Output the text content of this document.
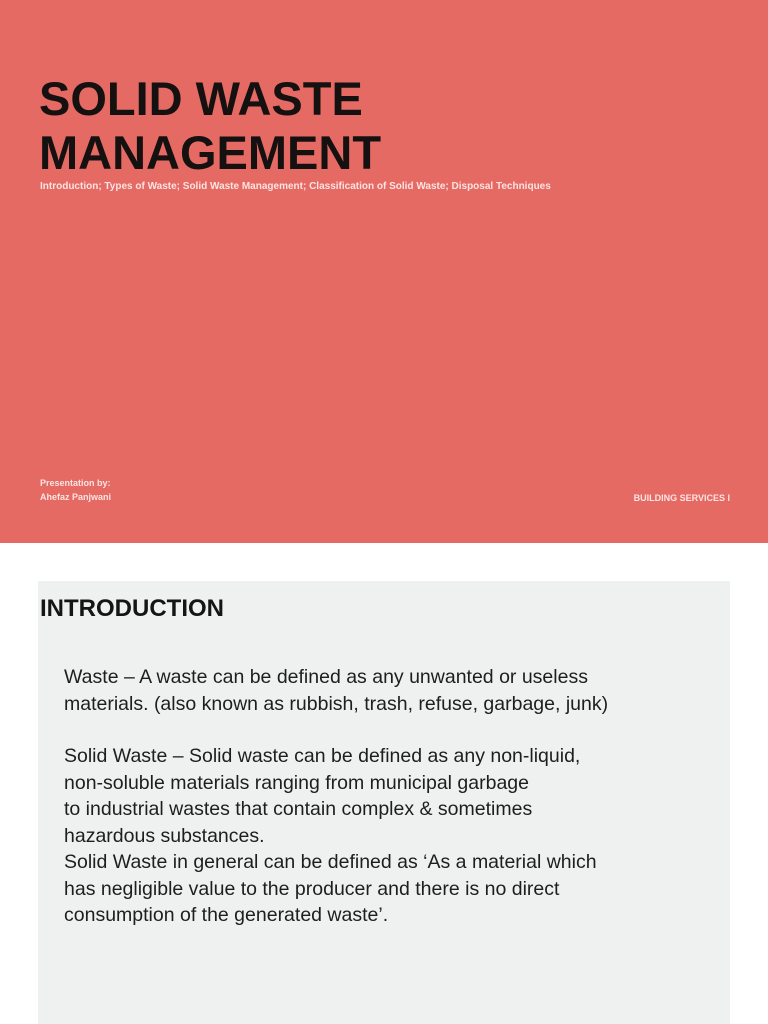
SOLID WASTE
MANAGEMENT
Introduction; Types of Waste; Solid Waste Management; Classification of Solid Waste; Disposal Techniques
Presentation by:
Ahefaz Panjwani	BUILDING SERVICES I
INTRODUCTION

Waste – A waste can be defined as any unwanted or useless
materials. (also known as rubbish, trash, refuse, garbage, junk)

Solid Waste – Solid waste can be defined as any non-liquid,
non-soluble materials ranging from municipal garbage
to industrial wastes that contain complex & sometimes
hazardous substances.
Solid Waste in general can be defined as ‘As a material which
has negligible value to the producer and there is no direct
consumption of the generated waste’.
